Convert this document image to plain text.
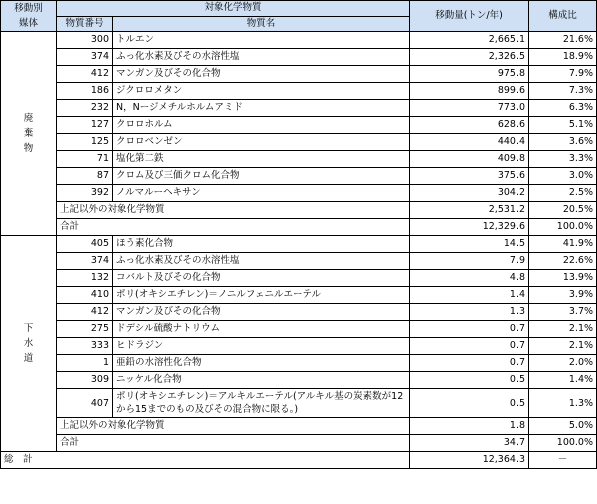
移動別
媒体	対象化学物質		移動量(トン/年)	構成比
	物質番号	物質名		

廃
棄
物	300	トルエン	2,665.1	21.6%
	374	ふっ化水素及びその水溶性塩	2,326.5	18.9%
	412	マンガン及びその化合物	975.8	7.9%
	186	ジクロロメタン	899.6	7.3%
	232	N，Nージメチルホルムアミド	773.0	6.3%
	127	クロロホルム	628.6	5.1%
	125	クロロベンゼン	440.4	3.6%
	71	塩化第二鉄	409.8	3.3%
	87	クロム及び三価クロム化合物	375.6	3.0%
	392	ノルマルーヘキサン	304.2	2.5%
	上記以外の対象化学物質		2,531.2	20.5%
	合計		12,329.6	100.0%

下
水
道	405	ほう素化合物	14.5	41.9%
	374	ふっ化水素及びその水溶性塩	7.9	22.6%
	132	コバルト及びその化合物	4.8	13.9%
	410	ポリ(オキシエチレン)＝ノニルフェニルエーテル	1.4	3.9%
	412	マンガン及びその化合物	1.3	3.7%
	275	ドデシル硫酸ナトリウム	0.7	2.1%
	333	ヒドラジン	0.7	2.1%
	1	亜鉛の水溶性化合物	0.7	2.0%
	309	ニッケル化合物	0.5	1.4%
	407	ポリ(オキシエチレン)＝アルキルエーテル(アルキル基の炭素数が12から15までのもの及びその混合物に限る。)	0.5	1.3%
	上記以外の対象化学物質		1.8	5.0%
	合計		34.7	100.0%
総　計			12,364.3	－
